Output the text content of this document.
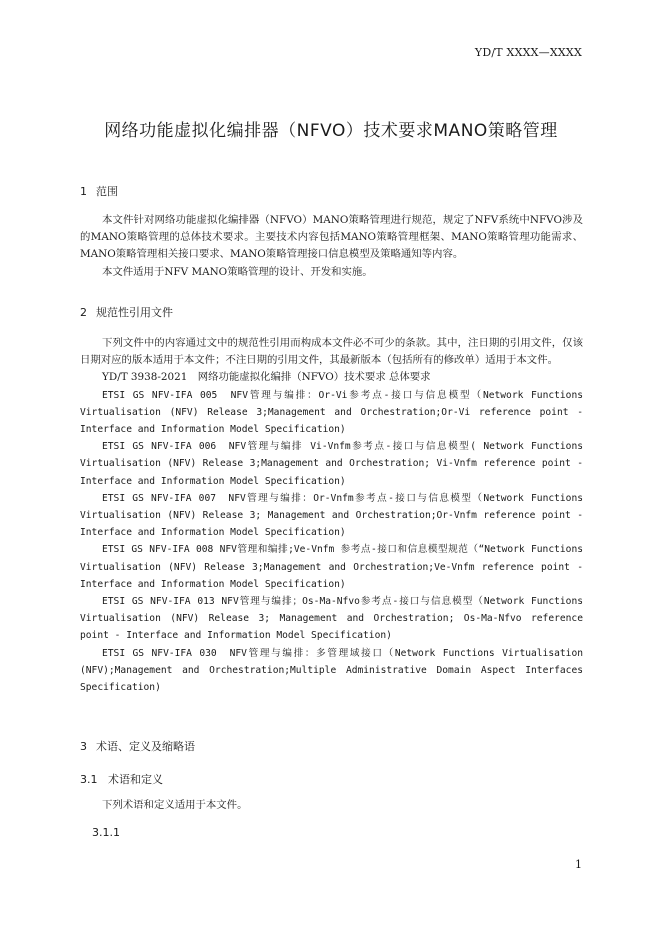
YD/T XXXX—XXXX
网络功能虚拟化编排器（NFVO）技术要求MANO策略管理
1 范围

本文件针对网络功能虚拟化编排器（NFVO）MANO策略管理进行规范，规定了NFV系统中NFVO涉及的MANO策略管理的总体技术要求。主要技术内容包括MANO策略管理框架、MANO策略管理功能需求、MANO策略管理相关接口要求、MANO策略管理接口信息模型及策略通知等内容。

本文件适用于NFV MANO策略管理的设计、开发和实施。

2 规范性引用文件

下列文件中的内容通过文中的规范性引用而构成本文件必不可少的条款。其中，注日期的引用文件，仅该日期对应的版本适用于本文件；不注日期的引用文件，其最新版本（包括所有的修改单）适用于本文件。

YD/T 3938-2021　网络功能虚拟化编排（NFVO）技术要求 总体要求

ETSI GS NFV-IFA 005　NFV管理与编排：Or-Vi参考点-接口与信息模型（Network Functions Virtualisation (NFV) Release 3;Management and Orchestration;Or-Vi reference point - Interface and Information Model Specification)

ETSI GS NFV-IFA 006　NFV管理与编排 Vi-Vnfm参考点-接口与信息模型( Network Functions Virtualisation (NFV) Release 3;Management and Orchestration; Vi-Vnfm reference point - Interface and Information Model Specification)

ETSI GS NFV-IFA 007　NFV管理与编排：Or-Vnfm参考点-接口与信息模型（Network Functions Virtualisation (NFV) Release 3; Management and Orchestration;Or-Vnfm reference point - Interface and Information Model Specification)

ETSI GS NFV-IFA 008 NFV管理和编排;Ve-Vnfm 参考点-接口和信息模型规范（“Network Functions Virtualisation (NFV) Release 3;Management and Orchestration;Ve-Vnfm reference point -Interface and Information Model Specification)

ETSI GS NFV-IFA 013 NFV管理与编排；Os-Ma-Nfvo参考点-接口与信息模型（Network Functions Virtualisation (NFV) Release 3; Management and Orchestration; Os-Ma-Nfvo reference point - Interface and Information Model Specification)

ETSI GS NFV-IFA 030　NFV管理与编排：多管理域接口（Network Functions Virtualisation (NFV);Management and Orchestration;Multiple Administrative Domain Aspect Interfaces Specification)

3 术语、定义及缩略语
3.1 术语和定义

下列术语和定义适用于本文件。

3.1.1
1
